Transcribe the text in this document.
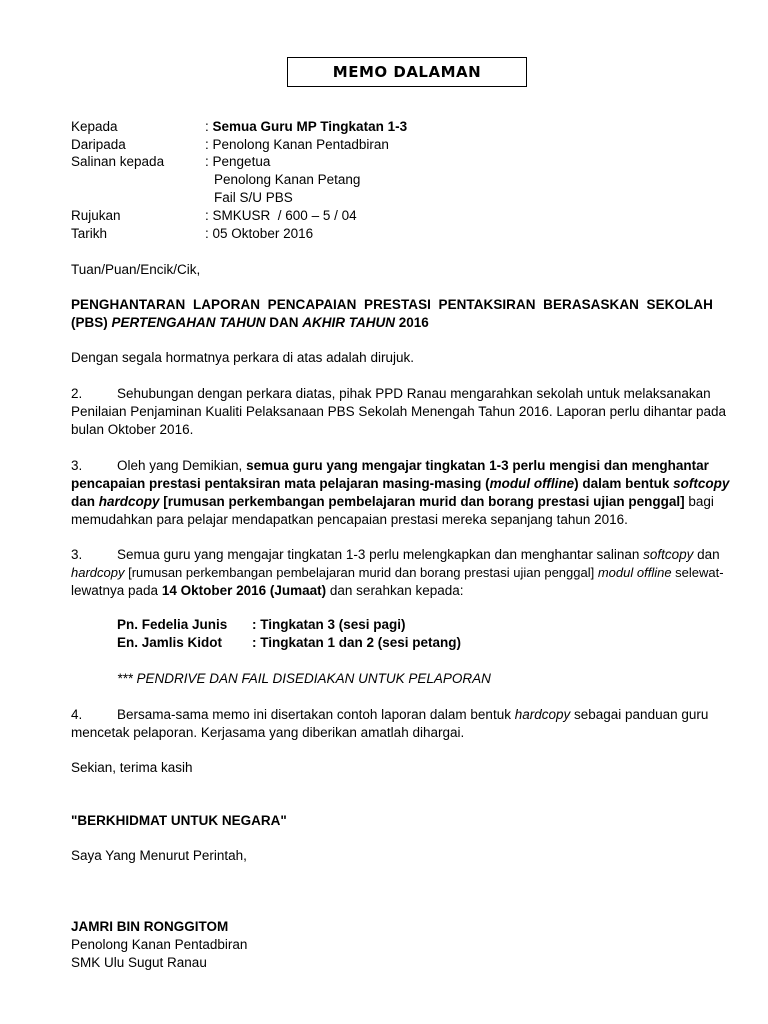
MEMO DALAMAN
Kepada	: Semua Guru MP Tingkatan 1-3
Daripada	: Penolong Kanan Pentadbiran
Salinan kepada	: Pengetua
Penolong Kanan Petang
Fail S/U PBS
Rujukan	: SMKUSR  / 600 – 5 / 04
Tarikh	: 05 Oktober 2016
Tuan/Puan/Encik/Cik,
PENGHANTARAN  LAPORAN  PENCAPAIAN  PRESTASI  PENTAKSIRAN  BERASASKAN  SEKOLAH
(PBS) PERTENGAHAN TAHUN DAN AKHIR TAHUN 2016
Dengan segala hormatnya perkara di atas adalah dirujuk.
2.	Sehubungan dengan perkara diatas, pihak PPD Ranau mengarahkan sekolah untuk melaksanakan
Penilaian Penjaminan Kualiti Pelaksanaan PBS Sekolah Menengah Tahun 2016. Laporan perlu dihantar pada
bulan Oktober 2016.
3.	Oleh yang Demikian, semua guru yang mengajar tingkatan 1-3 perlu mengisi dan menghantar
pencapaian prestasi pentaksiran mata pelajaran masing-masing (modul offline) dalam bentuk softcopy
dan hardcopy [rumusan perkembangan pembelajaran murid dan borang prestasi ujian penggal] bagi
memudahkan para pelajar mendapatkan pencapaian prestasi mereka sepanjang tahun 2016.
3.	Semua guru yang mengajar tingkatan 1-3 perlu melengkapkan dan menghantar salinan softcopy dan
hardcopy [rumusan perkembangan pembelajaran murid dan borang prestasi ujian penggal] modul offline selewat-
lewatnya pada 14 Oktober 2016 (Jumaat) dan serahkan kepada:
Pn. Fedelia Junis : Tingkatan 3 (sesi pagi)
En. Jamlis Kidot : Tingkatan 1 dan 2 (sesi petang)
*** PENDRIVE DAN FAIL DISEDIAKAN UNTUK PELAPORAN
4.	Bersama-sama memo ini disertakan contoh laporan dalam bentuk hardcopy sebagai panduan guru
mencetak pelaporan. Kerjasama yang diberikan amatlah dihargai.
Sekian, terima kasih
"BERKHIDMAT UNTUK NEGARA"
Saya Yang Menurut Perintah,
JAMRI BIN RONGGITOM
Penolong Kanan Pentadbiran
SMK Ulu Sugut Ranau
